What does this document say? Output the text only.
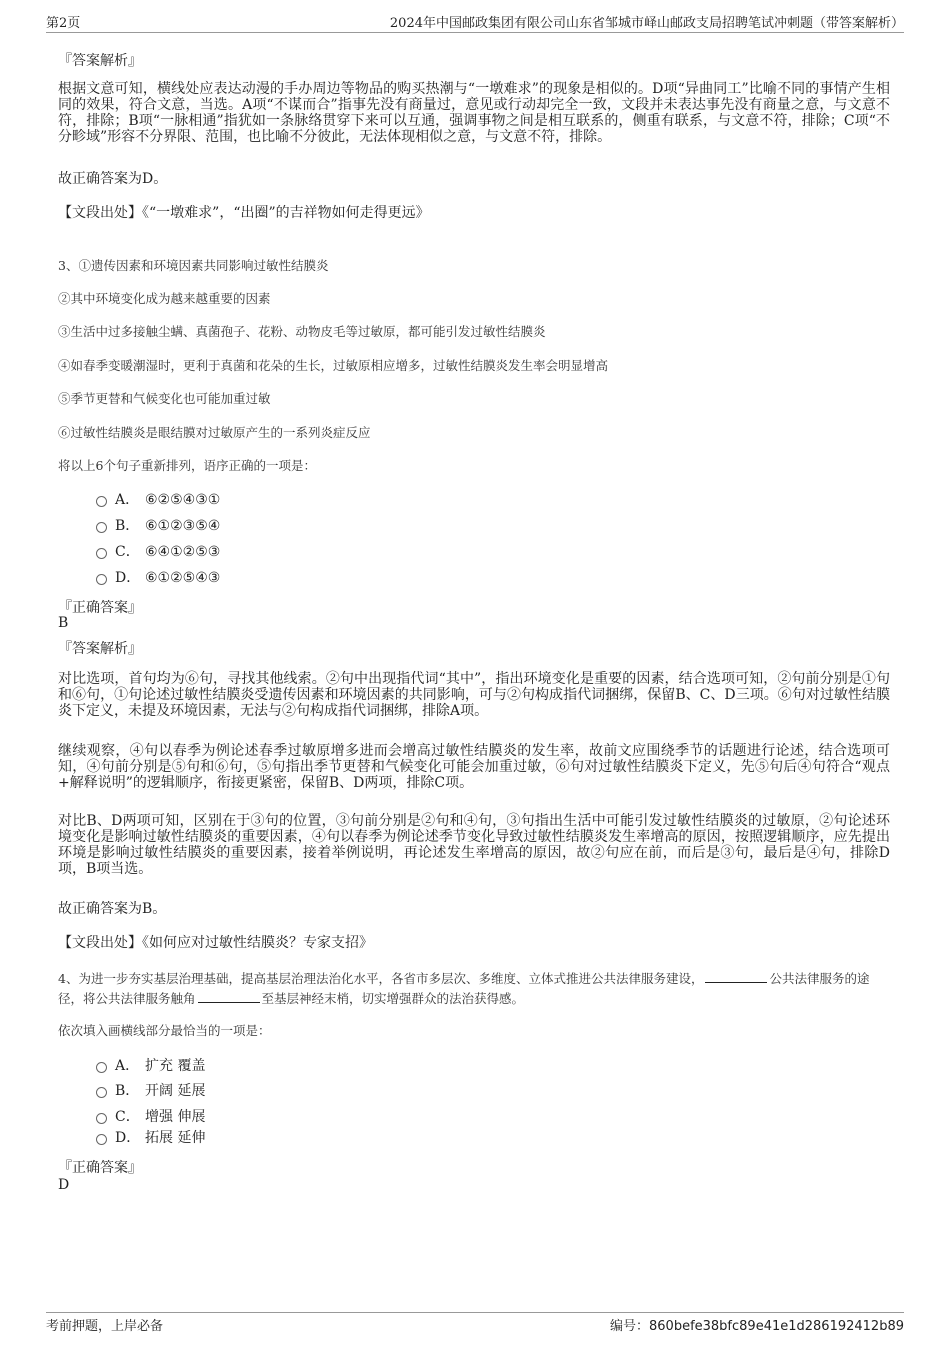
第2页	2024年中国邮政集团有限公司山东省邹城市峄山邮政支局招聘笔试冲刺题（带答案解析）
『答案解析』
根据文意可知，横线处应表达动漫的手办周边等物品的购买热潮与“一墩难求”的现象是相似的。D项“异曲同工”比喻不同的事情产生相同的效果，符合文意，当选。A项“不谋而合”指事先没有商量过，意见或行动却完全一致，文段并未表达事先没有商量之意，与文意不符，排除；B项“一脉相通”指犹如一条脉络贯穿下来可以互通，强调事物之间是相互联系的，侧重有联系，与文意不符，排除；C项“不分畛域”形容不分界限、范围，也比喻不分彼此，无法体现相似之意，与文意不符，排除。
故正确答案为D。
【文段出处】《“一墩难求”，“出圈”的吉祥物如何走得更远》
3、①遗传因素和环境因素共同影响过敏性结膜炎
②其中环境变化成为越来越重要的因素
③生活中过多接触尘螨、真菌孢子、花粉、动物皮毛等过敏原，都可能引发过敏性结膜炎
④如春季变暖潮湿时，更利于真菌和花朵的生长，过敏原相应增多，过敏性结膜炎发生率会明显增高
⑤季节更替和气候变化也可能加重过敏
⑥过敏性结膜炎是眼结膜对过敏原产生的一系列炎症反应
将以上6个句子重新排列，语序正确的一项是：
A． ⑥②⑤④③①
B． ⑥①②③⑤④
C． ⑥④①②⑤③
D． ⑥①②⑤④③
『正确答案』
B
『答案解析』
对比选项，首句均为⑥句，寻找其他线索。②句中出现指代词“其中”，指出环境变化是重要的因素，结合选项可知，②句前分别是①句和⑥句，①句论述过敏性结膜炎受遗传因素和环境因素的共同影响，可与②句构成指代词捆绑，保留B、C、D三项。⑥句对过敏性结膜炎下定义，未提及环境因素，无法与②句构成指代词捆绑，排除A项。
继续观察，④句以春季为例论述春季过敏原增多进而会增高过敏性结膜炎的发生率，故前文应围绕季节的话题进行论述，结合选项可知，④句前分别是⑤句和⑥句，⑤句指出季节更替和气候变化可能会加重过敏，⑥句对过敏性结膜炎下定义，先⑤句后④句符合“观点+解释说明”的逻辑顺序，衔接更紧密，保留B、D两项，排除C项。
对比B、D两项可知，区别在于③句的位置，③句前分别是②句和④句，③句指出生活中可能引发过敏性结膜炎的过敏原，②句论述环境变化是影响过敏性结膜炎的重要因素，④句以春季为例论述季节变化导致过敏性结膜炎发生率增高的原因，按照逻辑顺序，应先提出环境是影响过敏性结膜炎的重要因素，接着举例说明，再论述发生率增高的原因，故②句应在前，而后是③句，最后是④句，排除D项，B项当选。
故正确答案为B。
【文段出处】《如何应对过敏性结膜炎？专家支招》
4、为进一步夯实基层治理基础，提高基层治理法治化水平，各省市多层次、多维度、立体式推进公共法律服务建设，	公共法律服务的途径，将公共法律服务触角	至基层神经末梢，切实增强群众的法治获得感。
依次填入画横线部分最恰当的一项是：
A． 扩充 覆盖
B． 开阔 延展
C． 增强 伸展
D． 拓展 延伸
『正确答案』
D
考前押题，上岸必备	编号：860befe38bfc89e41e1d286192412b89
